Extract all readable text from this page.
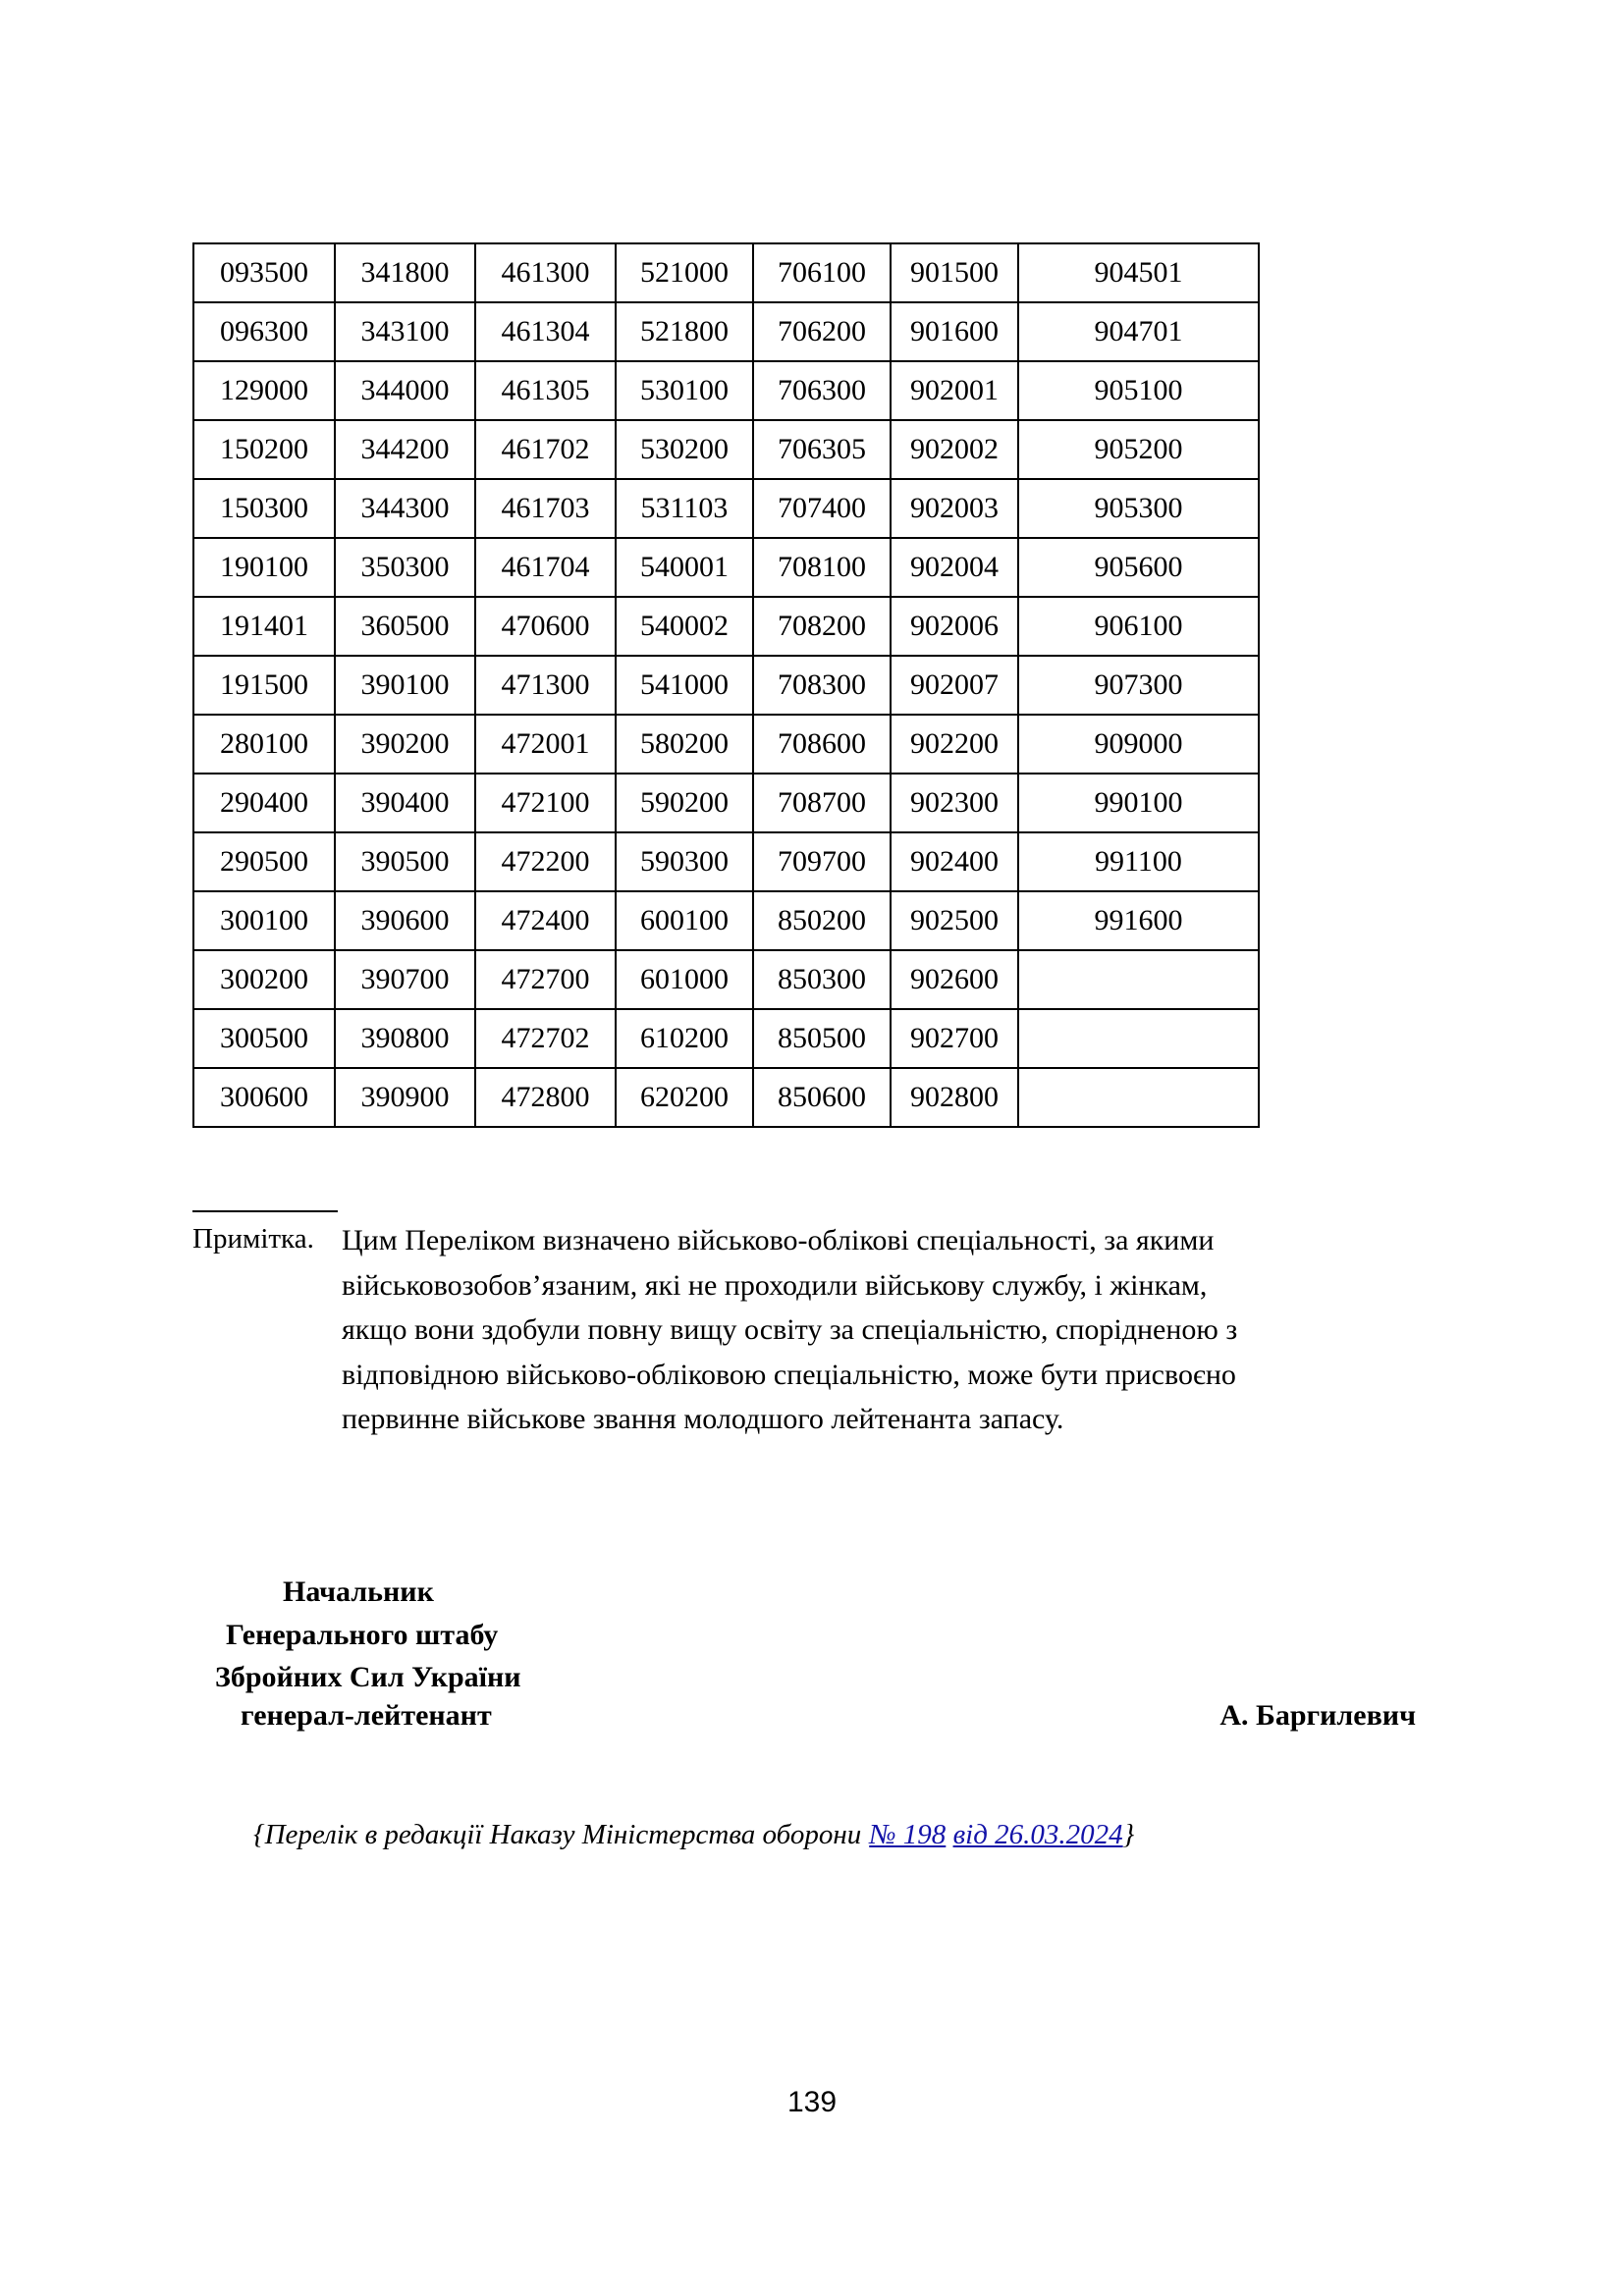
093500	341800	461300	521000	706100	901500	904501
096300	343100	461304	521800	706200	901600	904701
129000	344000	461305	530100	706300	902001	905100
150200	344200	461702	530200	706305	902002	905200
150300	344300	461703	531103	707400	902003	905300
190100	350300	461704	540001	708100	902004	905600
191401	360500	470600	540002	708200	902006	906100
191500	390100	471300	541000	708300	902007	907300
280100	390200	472001	580200	708600	902200	909000
290400	390400	472100	590200	708700	902300	990100
290500	390500	472200	590300	709700	902400	991100
300100	390600	472400	600100	850200	902500	991600
300200	390700	472700	601000	850300	902600	
300500	390800	472702	610200	850500	902700	
300600	390900	472800	620200	850600	902800	
Примітка. Цим Переліком визначено військово-облікові спеціальності, за якими військовозобов’язаним, які не проходили військову службу, і жінкам, якщо вони здобули повну вищу освіту за спеціальністю, спорідненою з відповідною військово-обліковою спеціальністю, може бути присвоєно первинне військове звання молодшого лейтенанта запасу.
Начальник
Генерального штабу
Збройних Сил України
генерал-лейтенант	А. Баргилевич
{Перелік в редакції Наказу Міністерства оборони № 198 від 26.03.2024}
139
